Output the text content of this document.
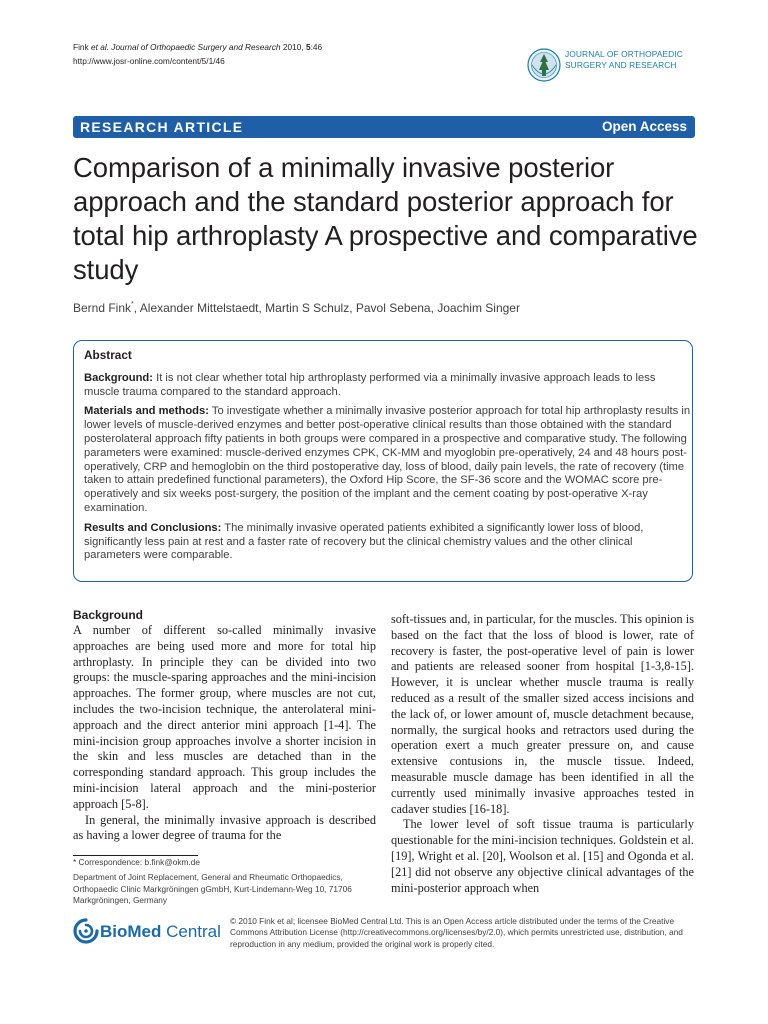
Fink et al. Journal of Orthopaedic Surgery and Research 2010, 5:46
http://www.josr-online.com/content/5/1/46
JOURNAL OF ORTHOPAEDIC
SURGERY AND RESEARCH
RESEARCH ARTICLE	Open Access
Comparison of a minimally invasive posterior approach and the standard posterior approach for total hip arthroplasty A prospective and comparative study
Bernd Fink*, Alexander Mittelstaedt, Martin S Schulz, Pavol Sebena, Joachim Singer
Abstract

Background: It is not clear whether total hip arthroplasty performed via a minimally invasive approach leads to less muscle trauma compared to the standard approach.

Materials and methods: To investigate whether a minimally invasive posterior approach for total hip arthroplasty results in lower levels of muscle-derived enzymes and better post-operative clinical results than those obtained with the standard posterolateral approach fifty patients in both groups were compared in a prospective and comparative study. The following parameters were examined: muscle-derived enzymes CPK, CK-MM and myoglobin pre-operatively, 24 and 48 hours post-operatively, CRP and hemoglobin on the third postoperative day, loss of blood, daily pain levels, the rate of recovery (time taken to attain predefined functional parameters), the Oxford Hip Score, the SF-36 score and the WOMAC score pre-operatively and six weeks post-surgery, the position of the implant and the cement coating by post-operative X-ray examination.

Results and Conclusions: The minimally invasive operated patients exhibited a significantly lower loss of blood, significantly less pain at rest and a faster rate of recovery but the clinical chemistry values and the other clinical parameters were comparable.

Background

A number of different so-called minimally invasive approaches are being used more and more for total hip arthroplasty. In principle they can be divided into two groups: the muscle-sparing approaches and the mini-incision approaches. The former group, where muscles are not cut, includes the two-incision technique, the anterolateral mini-approach and the direct anterior mini approach [1-4]. The mini-incision group approaches involve a shorter incision in the skin and less muscles are detached than in the corresponding standard approach. This group includes the mini-incision lateral approach and the mini-posterior approach [5-8].

In general, the minimally invasive approach is described as having a lower degree of trauma for the

soft-tissues and, in particular, for the muscles. This opinion is based on the fact that the loss of blood is lower, rate of recovery is faster, the post-operative level of pain is lower and patients are released sooner from hospital [1-3,8-15]. However, it is unclear whether muscle trauma is really reduced as a result of the smaller sized access incisions and the lack of, or lower amount of, muscle detachment because, normally, the surgical hooks and retractors used during the operation exert a much greater pressure on, and cause extensive contusions in, the muscle tissue. Indeed, measurable muscle damage has been identified in all the currently used minimally invasive approaches tested in cadaver studies [16-18].

The lower level of soft tissue trauma is particularly questionable for the mini-incision techniques. Goldstein et al. [19], Wright et al. [20], Woolson et al. [15] and Ogonda et al. [21] did not observe any objective clinical advantages of the mini-posterior approach when

* Correspondence: b.fink@okm.de

Department of Joint Replacement, General and Rheumatic Orthopaedics, Orthopaedic Clinic Markgröningen gGmbH, Kurt-Lindemann-Weg 10, 71706 Markgröningen, Germany

BioMed Central
© 2010 Fink et al; licensee BioMed Central Ltd. This is an Open Access article distributed under the terms of the Creative Commons Attribution License (http://creativecommons.org/licenses/by/2.0), which permits unrestricted use, distribution, and reproduction in any medium, provided the original work is properly cited.
